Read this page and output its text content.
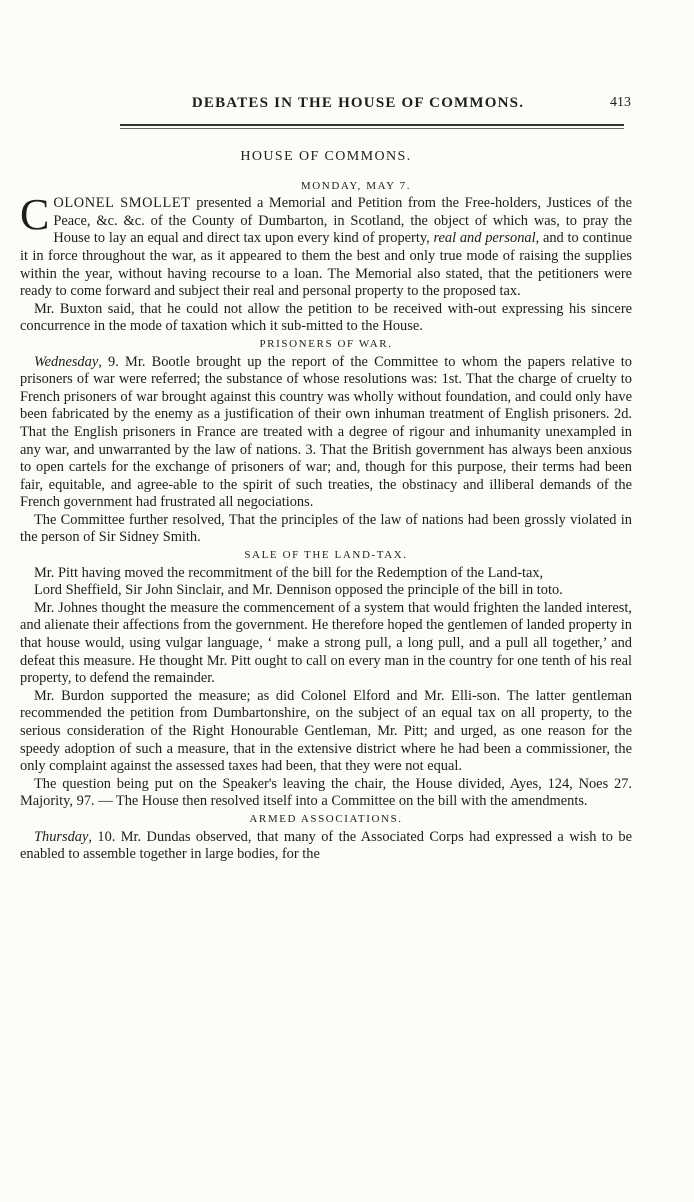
DEBATES IN THE HOUSE OF COMMONS.	413
HOUSE OF COMMONS.
MONDAY, MAY 7.

COLONEL SMOLLET presented a Memorial and Petition from the Free-holders, Justices of the Peace, &c. &c. of the County of Dumbarton, in Scotland, the object of which was, to pray the House to lay an equal and direct tax upon every kind of property, real and personal, and to continue it in force throughout the war, as it appeared to them the best and only true mode of raising the supplies within the year, without having recourse to a loan. The Memorial also stated, that the petitioners were ready to come forward and subject their real and personal property to the proposed tax.

Mr. Buxton said, that he could not allow the petition to be received with-out expressing his sincere concurrence in the mode of taxation which it sub-mitted to the House.

PRISONERS OF WAR.

Wednesday, 9. Mr. Bootle brought up the report of the Committee to whom the papers relative to prisoners of war were referred; the substance of whose resolutions was: 1st. That the charge of cruelty to French prisoners of war brought against this country was wholly without foundation, and could only have been fabricated by the enemy as a justification of their own inhuman treatment of English prisoners. 2d. That the English prisoners in France are treated with a degree of rigour and inhumanity unexampled in any war, and unwarranted by the law of nations. 3. That the British government has always been anxious to open cartels for the exchange of prisoners of war; and, though for this purpose, their terms had been fair, equitable, and agree-able to the spirit of such treaties, the obstinacy and illiberal demands of the French government had frustrated all negociations.

The Committee further resolved, That the principles of the law of nations had been grossly violated in the person of Sir Sidney Smith.

SALE OF THE LAND-TAX.

Mr. Pitt having moved the recommitment of the bill for the Redemption of the Land-tax,

Lord Sheffield, Sir John Sinclair, and Mr. Dennison opposed the principle of the bill in toto.

Mr. Johnes thought the measure the commencement of a system that would frighten the landed interest, and alienate their affections from the government. He therefore hoped the gentlemen of landed property in that house would, using vulgar language, ‘ make a strong pull, a long pull, and a pull all together,’ and defeat this measure. He thought Mr. Pitt ought to call on every man in the country for one tenth of his real property, to defend the remainder.

Mr. Burdon supported the measure; as did Colonel Elford and Mr. Elli-son. The latter gentleman recommended the petition from Dumbartonshire, on the subject of an equal tax on all property, to the serious consideration of the Right Honourable Gentleman, Mr. Pitt; and urged, as one reason for the speedy adoption of such a measure, that in the extensive district where he had been a commissioner, the only complaint against the assessed taxes had been, that they were not equal.

The question being put on the Speaker's leaving the chair, the House divided, Ayes, 124, Noes 27. Majority, 97. — The House then resolved itself into a Committee on the bill with the amendments.

ARMED ASSOCIATIONS.

Thursday, 10. Mr. Dundas observed, that many of the Associated Corps had expressed a wish to be enabled to assemble together in large bodies, for the
